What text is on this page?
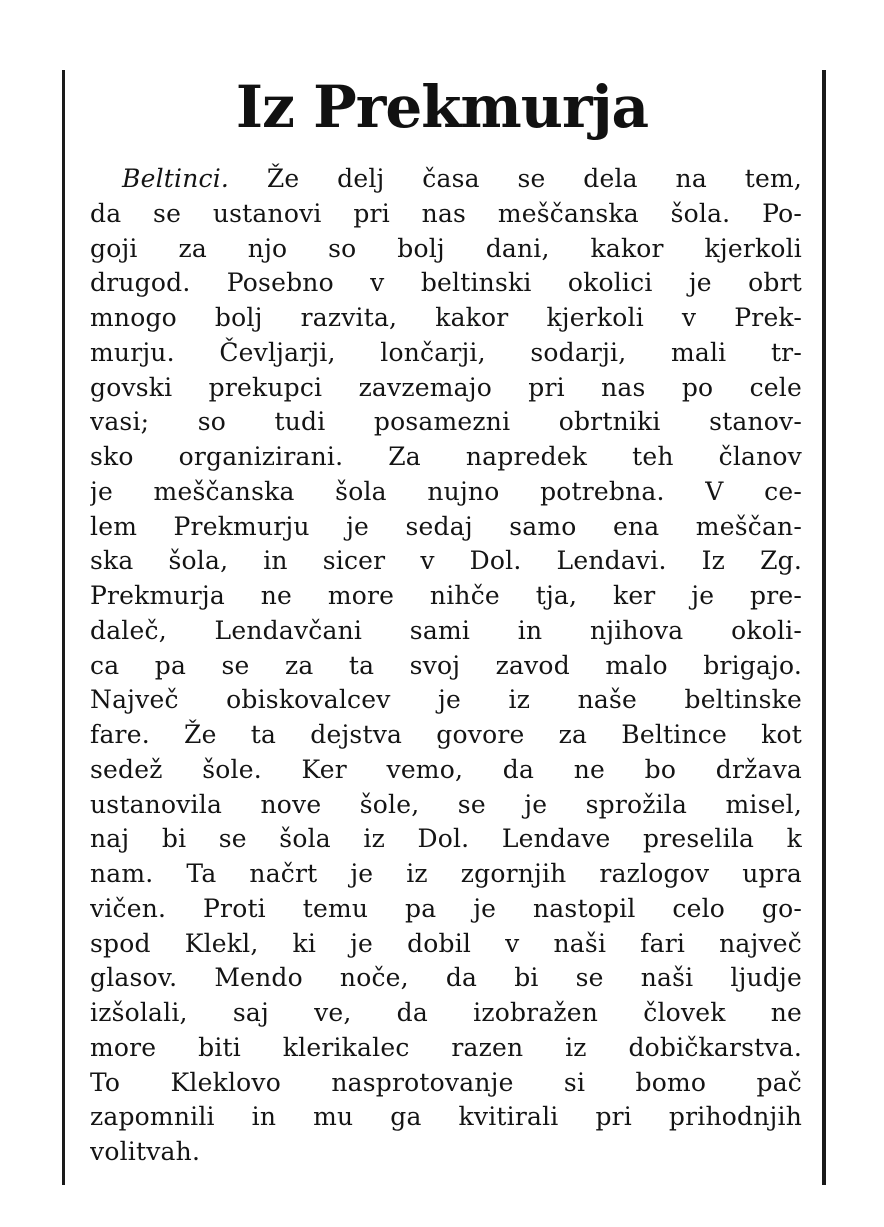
Iz Prekmurja
Beltinci. Že delj časa se dela na tem,
da se ustanovi pri nas meščanska šola. Po-
goji za njo so bolj dani, kakor kjerkoli
drugod. Posebno v beltinski okolici je obrt
mnogo bolj razvita, kakor kjerkoli v Prek-
murju. Čevljarji, lončarji, sodarji, mali tr-
govski prekupci zavzemajo pri nas po cele
vasi; so tudi posamezni obrtniki stanov-
sko organizirani. Za napredek teh članov
je meščanska šola nujno potrebna. V ce-
lem Prekmurju je sedaj samo ena meščan-
ska šola, in sicer v Dol. Lendavi. Iz Zg.
Prekmurja ne more nihče tja, ker je pre-
daleč, Lendavčani sami in njihova okoli-
ca pa se za ta svoj zavod malo brigajo.
Največ obiskovalcev je iz naše beltinske
fare. Že ta dejstva govore za Beltince kot
sedež šole. Ker vemo, da ne bo država
ustanovila nove šole, se je sprožila misel,
naj bi se šola iz Dol. Lendave preselila k
nam. Ta načrt je iz zgornjih razlogov upra
vičen. Proti temu pa je nastopil celo go-
spod Klekl, ki je dobil v naši fari največ
glasov. Mendo noče, da bi se naši ljudje
izšolali, saj ve, da izobražen človek ne
more biti klerikalec razen iz dobičkarstva.
To Kleklovo nasprotovanje si bomo pač
zapomnili in mu ga kvitirali pri prihodnjih
volitvah.
